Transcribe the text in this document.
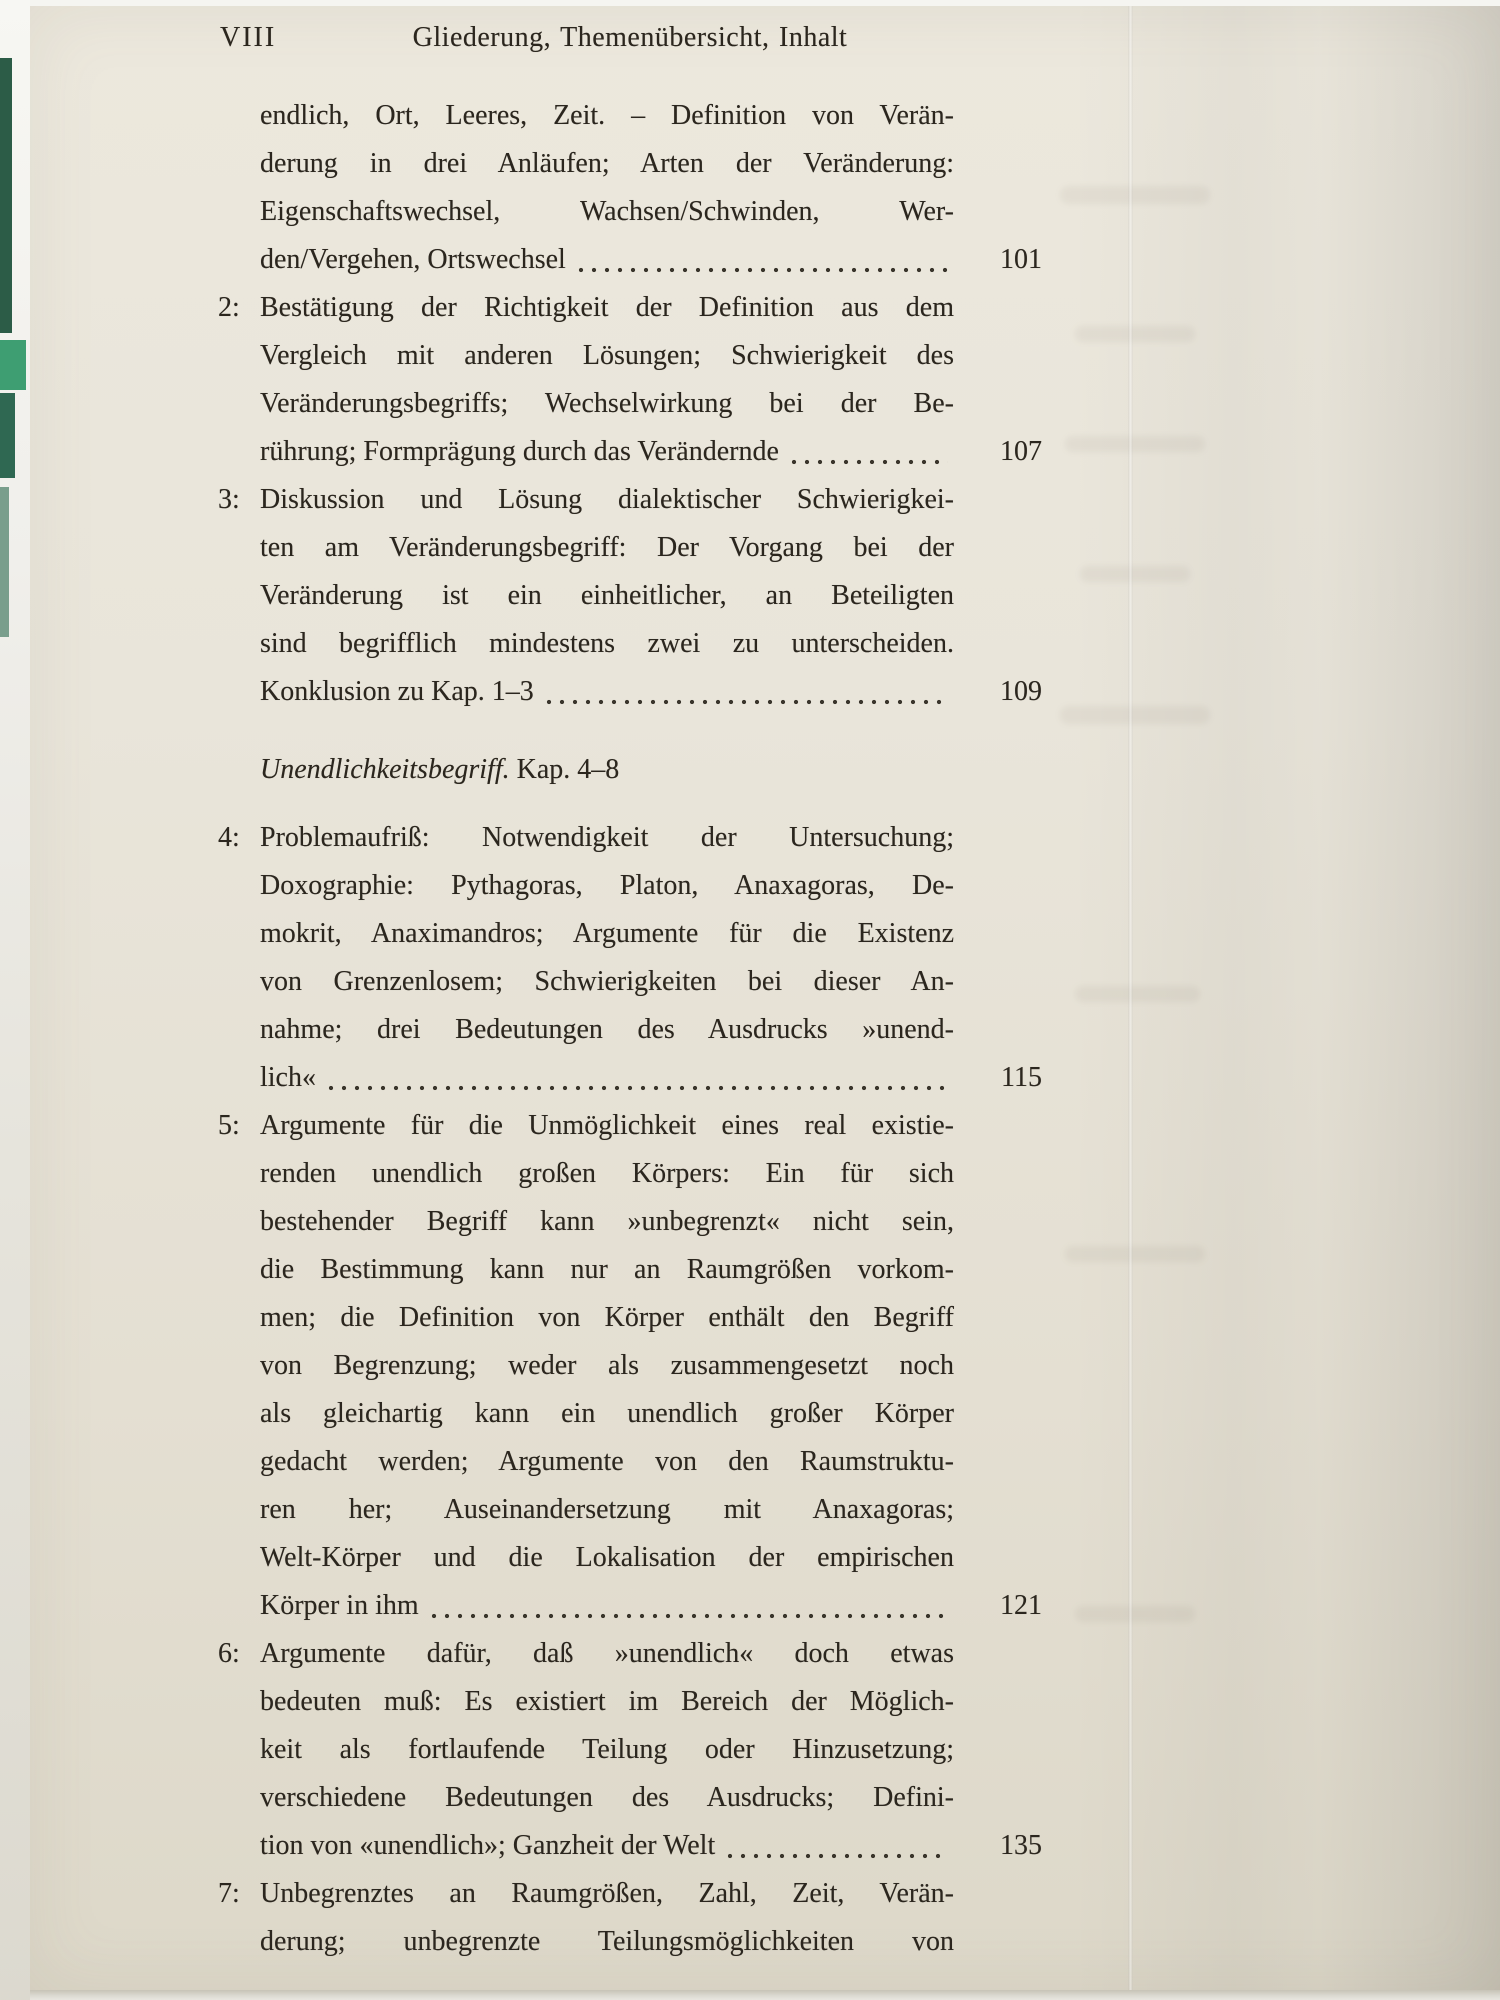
Gliederung, Themenübersicht, Inhalt
VIII
endlich, Ort, Leeres, Zeit. – Definition von Verän-
derung in drei Anläufen; Arten der Veränderung:
Eigenschaftswechsel, Wachsen/Schwinden, Wer-
den/Vergehen, Ortswechsel	101
2: Bestätigung der Richtigkeit der Definition aus dem
Vergleich mit anderen Lösungen; Schwierigkeit des
Veränderungsbegriffs; Wechselwirkung bei der Be-
rührung; Formprägung durch das Verändernde	107
3: Diskussion und Lösung dialektischer Schwierigkei-
ten am Veränderungsbegriff: Der Vorgang bei der
Veränderung ist ein einheitlicher, an Beteiligten
sind begrifflich mindestens zwei zu unterscheiden.
Konklusion zu Kap. 1–3	109
Unendlichkeitsbegriff. Kap. 4–8
4: Problemaufriß: Notwendigkeit der Untersuchung;
Doxographie: Pythagoras, Platon, Anaxagoras, De-
mokrit, Anaximandros; Argumente für die Existenz
von Grenzenlosem; Schwierigkeiten bei dieser An-
nahme; drei Bedeutungen des Ausdrucks »unend-
lich«	115
5: Argumente für die Unmöglichkeit eines real existie-
renden unendlich großen Körpers: Ein für sich
bestehender Begriff kann »unbegrenzt« nicht sein,
die Bestimmung kann nur an Raumgrößen vorkom-
men; die Definition von Körper enthält den Begriff
von Begrenzung; weder als zusammengesetzt noch
als gleichartig kann ein unendlich großer Körper
gedacht werden; Argumente von den Raumstruktu-
ren her; Auseinandersetzung mit Anaxagoras;
Welt-Körper und die Lokalisation der empirischen
Körper in ihm	121
6: Argumente dafür, daß »unendlich« doch etwas
bedeuten muß: Es existiert im Bereich der Möglich-
keit als fortlaufende Teilung oder Hinzusetzung;
verschiedene Bedeutungen des Ausdrucks; Defini-
tion von «unendlich»; Ganzheit der Welt	135
7: Unbegrenztes an Raumgrößen, Zahl, Zeit, Verän-
derung; unbegrenzte Teilungsmöglichkeiten von
